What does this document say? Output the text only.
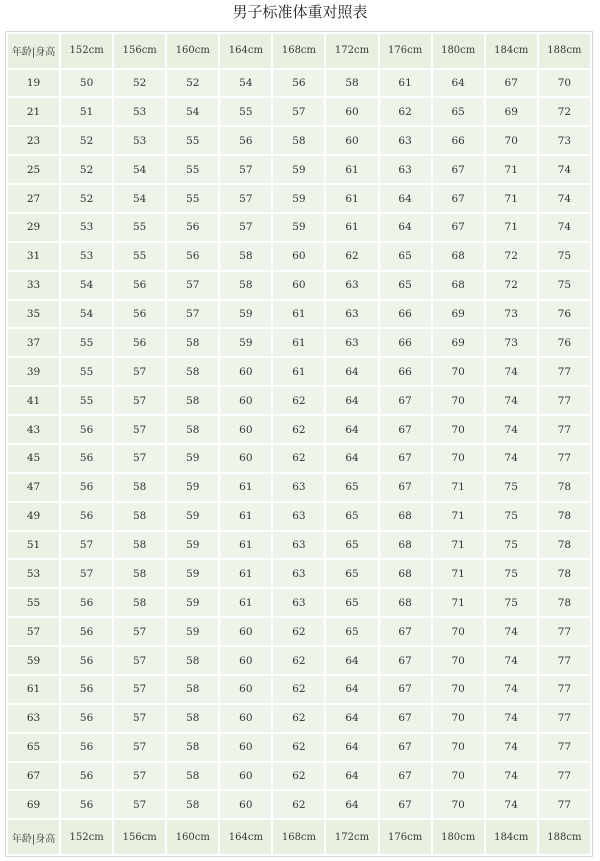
男子标准体重对照表
年龄|身高	152cm	156cm	160cm	164cm	168cm	172cm	176cm	180cm	184cm	188cm
19	50	52	52	54	56	58	61	64	67	70
21	51	53	54	55	57	60	62	65	69	72
23	52	53	55	56	58	60	63	66	70	73
25	52	54	55	57	59	61	63	67	71	74
27	52	54	55	57	59	61	64	67	71	74
29	53	55	56	57	59	61	64	67	71	74
31	53	55	56	58	60	62	65	68	72	75
33	54	56	57	58	60	63	65	68	72	75
35	54	56	57	59	61	63	66	69	73	76
37	55	56	58	59	61	63	66	69	73	76
39	55	57	58	60	61	64	66	70	74	77
41	55	57	58	60	62	64	67	70	74	77
43	56	57	58	60	62	64	67	70	74	77
45	56	57	59	60	62	64	67	70	74	77
47	56	58	59	61	63	65	67	71	75	78
49	56	58	59	61	63	65	68	71	75	78
51	57	58	59	61	63	65	68	71	75	78
53	57	58	59	61	63	65	68	71	75	78
55	56	58	59	61	63	65	68	71	75	78
57	56	57	59	60	62	65	67	70	74	77
59	56	57	58	60	62	64	67	70	74	77
61	56	57	58	60	62	64	67	70	74	77
63	56	57	58	60	62	64	67	70	74	77
65	56	57	58	60	62	64	67	70	74	77
67	56	57	58	60	62	64	67	70	74	77
69	56	57	58	60	62	64	67	70	74	77
年龄|身高	152cm	156cm	160cm	164cm	168cm	172cm	176cm	180cm	184cm	188cm
